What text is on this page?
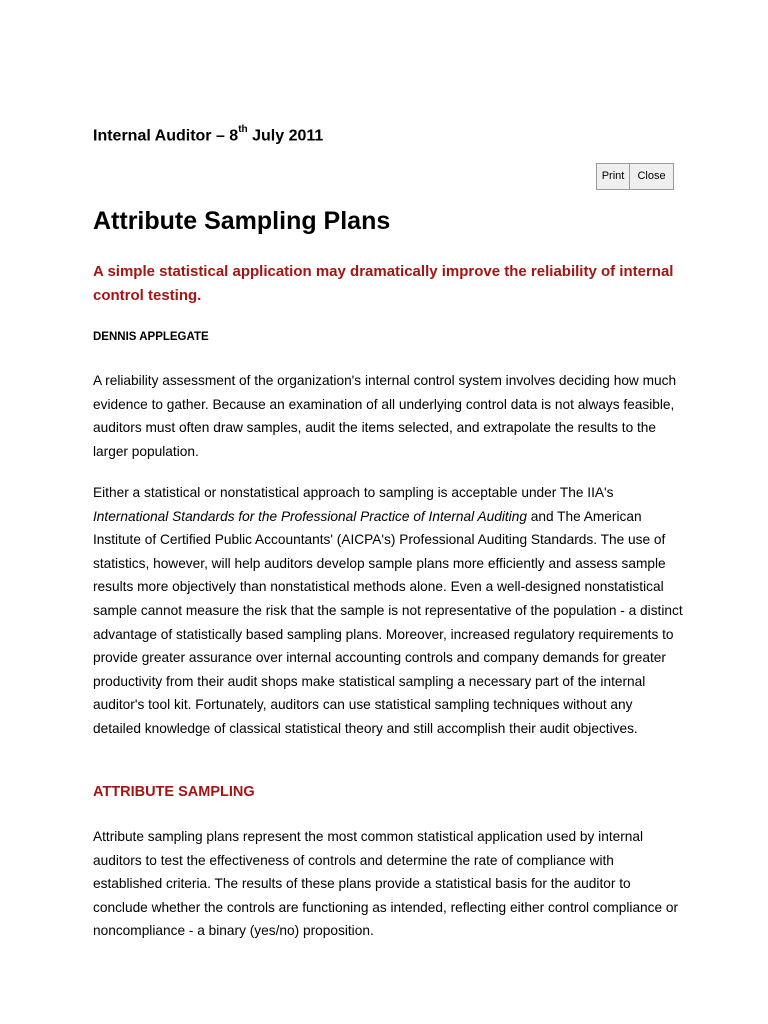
Internal Auditor – 8th July 2011

Print	Close
Attribute Sampling Plans

A simple statistical application may dramatically improve the reliability of internal control testing.

DENNIS APPLEGATE

A reliability assessment of the organization's internal control system involves deciding how much evidence to gather. Because an examination of all underlying control data is not always feasible, auditors must often draw samples, audit the items selected, and extrapolate the results to the larger population.

Either a statistical or nonstatistical approach to sampling is acceptable under The IIA's International Standards for the Professional Practice of Internal Auditing and The American Institute of Certified Public Accountants' (AICPA's) Professional Auditing Standards. The use of statistics, however, will help auditors develop sample plans more efficiently and assess sample results more objectively than nonstatistical methods alone. Even a well-designed nonstatistical sample cannot measure the risk that the sample is not representative of the population - a distinct advantage of statistically based sampling plans. Moreover, increased regulatory requirements to provide greater assurance over internal accounting controls and company demands for greater productivity from their audit shops make statistical sampling a necessary part of the internal auditor's tool kit. Fortunately, auditors can use statistical sampling techniques without any detailed knowledge of classical statistical theory and still accomplish their audit objectives.

ATTRIBUTE SAMPLING

Attribute sampling plans represent the most common statistical application used by internal auditors to test the effectiveness of controls and determine the rate of compliance with established criteria. The results of these plans provide a statistical basis for the auditor to conclude whether the controls are functioning as intended, reflecting either control compliance or noncompliance - a binary (yes/no) proposition.
